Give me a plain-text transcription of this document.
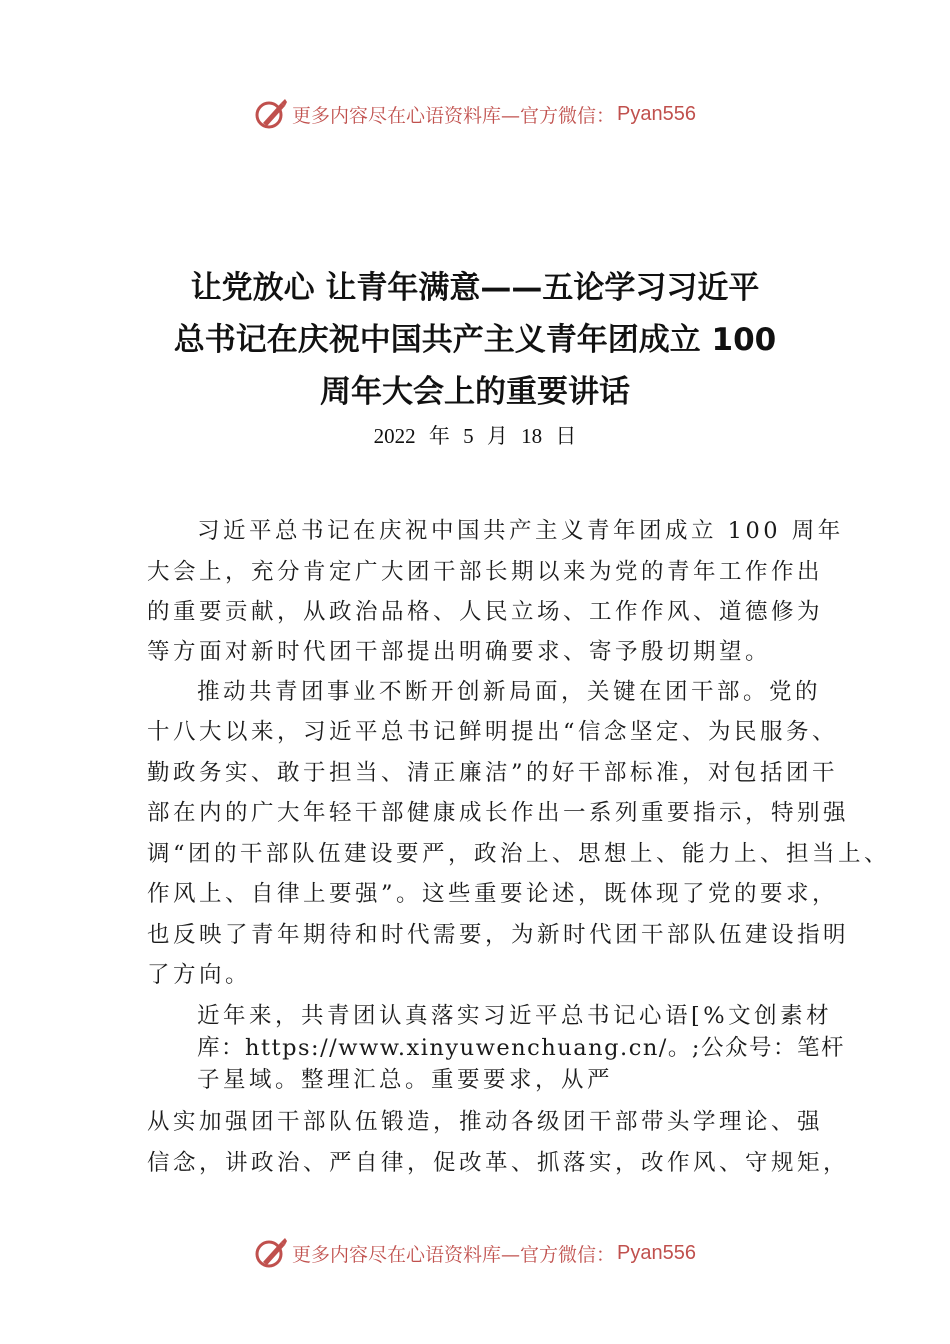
更多内容尽在心语资料库—官方微信： Pyan556
让党放心 让青年满意——五论学习习近平
总书记在庆祝中国共产主义青年团成立 100
周年大会上的重要讲话
2022 年 5 月 18 日
习近平总书记在庆祝中国共产主义青年团成立 100 周年
大会上，充分肯定广大团干部长期以来为党的青年工作作出
的重要贡献，从政治品格、人民立场、工作作风、道德修为
等方面对新时代团干部提出明确要求、寄予殷切期望。
推动共青团事业不断开创新局面，关键在团干部。党的
十八大以来，习近平总书记鲜明提出“信念坚定、为民服务、
勤政务实、敢于担当、清正廉洁”的好干部标准，对包括团干
部在内的广大年轻干部健康成长作出一系列重要指示，特别强
调“团的干部队伍建设要严，政治上、思想上、能力上、担当上、
作风上、自律上要强”。这些重要论述，既体现了党的要求，
也反映了青年期待和时代需要，为新时代团干部队伍建设指明
了方向。
近年来，共青团认真落实习近平总书记心语[%文创素材
库：https://www.xinyuwenchuang.cn/。;公众号：笔杆
子星域。整理汇总。重要要求，从严
从实加强团干部队伍锻造，推动各级团干部带头学理论、强
信念，讲政治、严自律，促改革、抓落实，改作风、守规矩，
更多内容尽在心语资料库—官方微信： Pyan556
